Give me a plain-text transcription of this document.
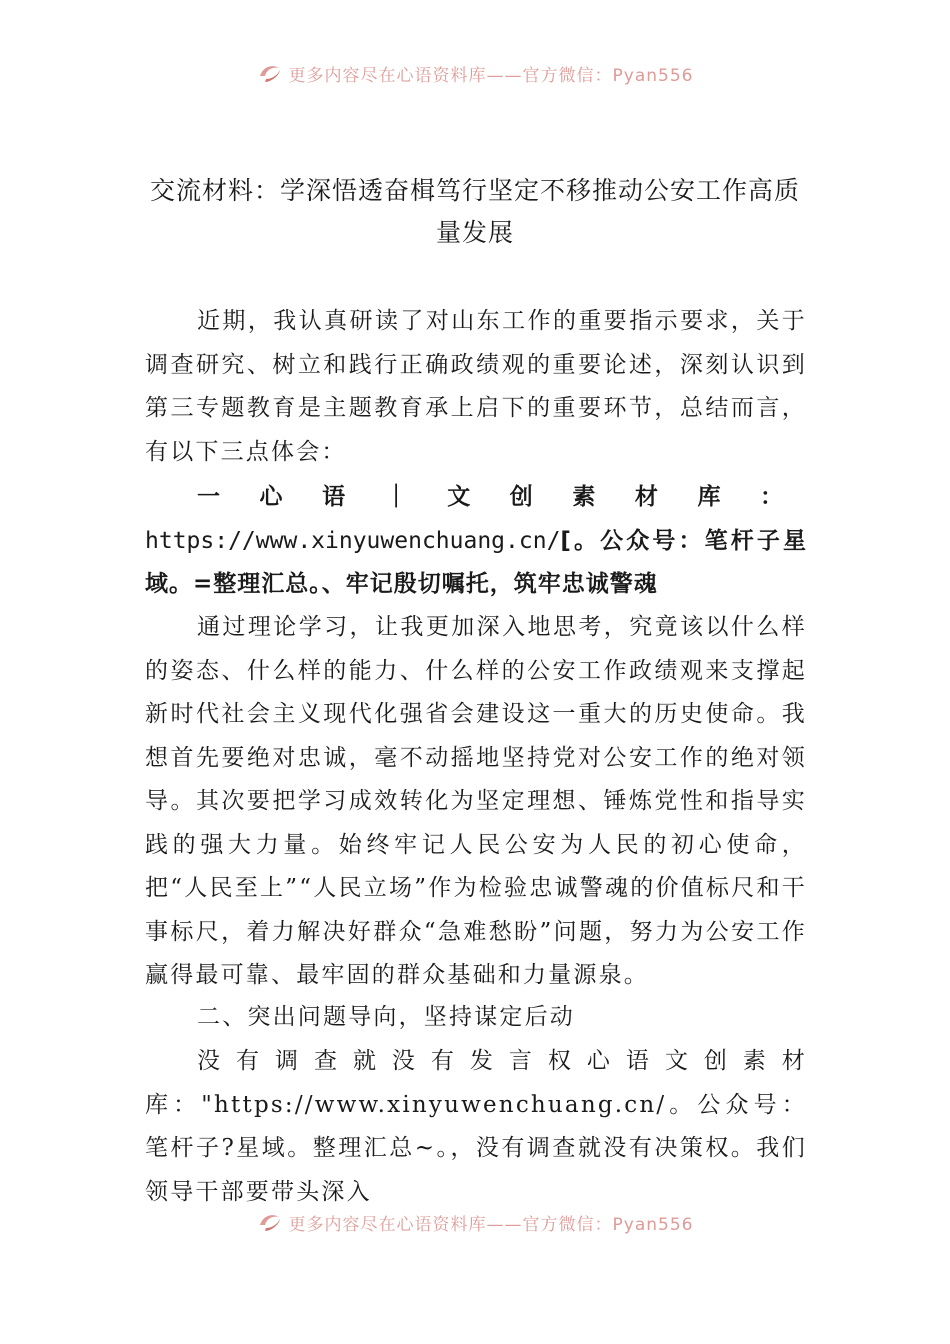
更多内容尽在心语资料库——官方微信：Pyan556
交流材料：学深悟透奋楫笃行坚定不移推动公安工作高质量发展

近期，我认真研读了对山东工作的重要指示要求，关于调查研究、树立和践行正确政绩观的重要论述，深刻认识到第三专题教育是主题教育承上启下的重要环节，总结而言，有以下三点体会：

一心语｜文创素材库：https://www.xinyuwenchuang.cn/[。公众号：笔杆子星域。=整理汇总。、牢记殷切嘱托，筑牢忠诚警魂

通过理论学习，让我更加深入地思考，究竟该以什么样的姿态、什么样的能力、什么样的公安工作政绩观来支撑起新时代社会主义现代化强省会建设这一重大的历史使命。我想首先要绝对忠诚，毫不动摇地坚持党对公安工作的绝对领导。其次要把学习成效转化为坚定理想、锤炼党性和指导实践的强大力量。始终牢记人民公安为人民的初心使命，把“人民至上”“人民立场”作为检验忠诚警魂的价值标尺和干事标尺，着力解决好群众“急难愁盼”问题，努力为公安工作赢得最可靠、最牢固的群众基础和力量源泉。

二、突出问题导向，坚持谋定后动

没有调查就没有发言权心语文创素材库："https://www.xinyuwenchuang.cn/。公众号：笔杆子?星域。整理汇总~。，没有调查就没有决策权。我们领导干部要带头深入

更多内容尽在心语资料库——官方微信：Pyan556
